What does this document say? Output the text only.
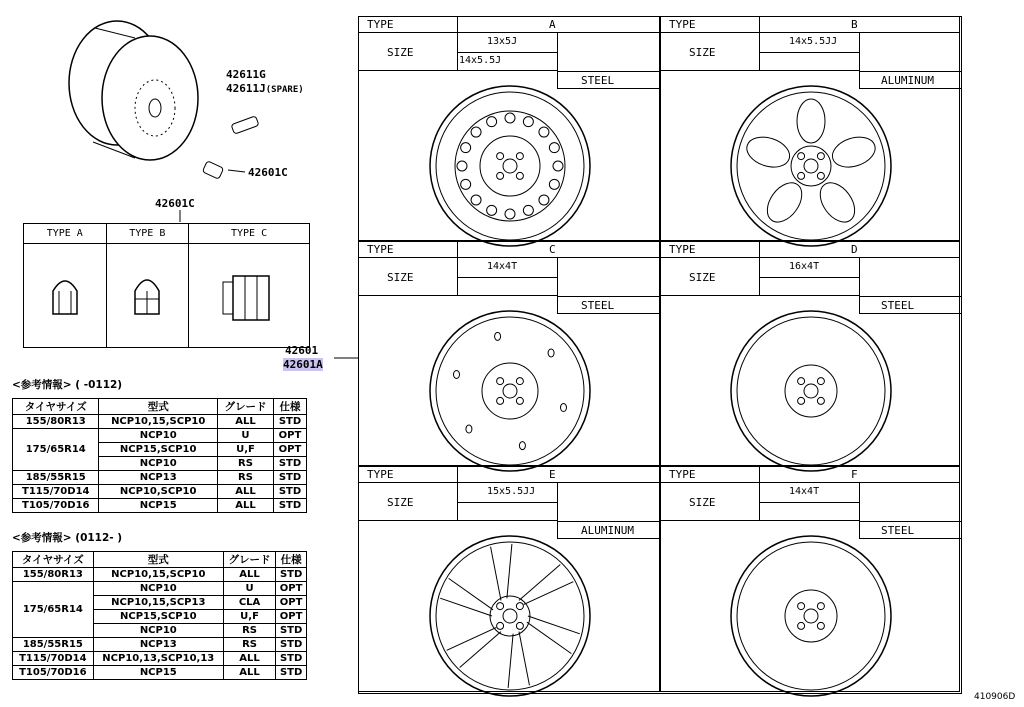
42611G
42611J(SPARE)
42601C
42601C
TYPE A	TYPE B	TYPE C

42601
42601A
<参考情報> ( -0112)
タイヤサイズ	型式	グレード	仕様
155/80R13	NCP10,15,SCP10	ALL	STD
175/65R14	NCP10	U	OPT
	NCP15,SCP10	U,F	OPT
	NCP10	RS	STD
185/55R15	NCP13	RS	STD
T115/70D14	NCP10,SCP10	ALL	STD
T105/70D16	NCP15	ALL	STD
<参考情報> (0112- )
タイヤサイズ	型式	グレード	仕様
155/80R13	NCP10,15,SCP10	ALL	STD
175/65R14	NCP10	U	OPT
	NCP10,15,SCP13	CLA	OPT
	NCP15,SCP10	U,F	OPT
	NCP10	RS	STD
185/55R15	NCP13	RS	STD
T115/70D14	NCP10,13,SCP10,13	ALL	STD
T105/70D16	NCP15	ALL	STD
TYPE	A
SIZE
13x5J
14x5.5J
STEEL
TYPE	B
SIZE
14x5.5JJ
ALUMINUM
TYPE	C
SIZE
14x4T
STEEL
TYPE	D
SIZE
16x4T
STEEL
TYPE	E
SIZE
15x5.5JJ
ALUMINUM
TYPE	F
SIZE
14x4T
STEEL
410906D
